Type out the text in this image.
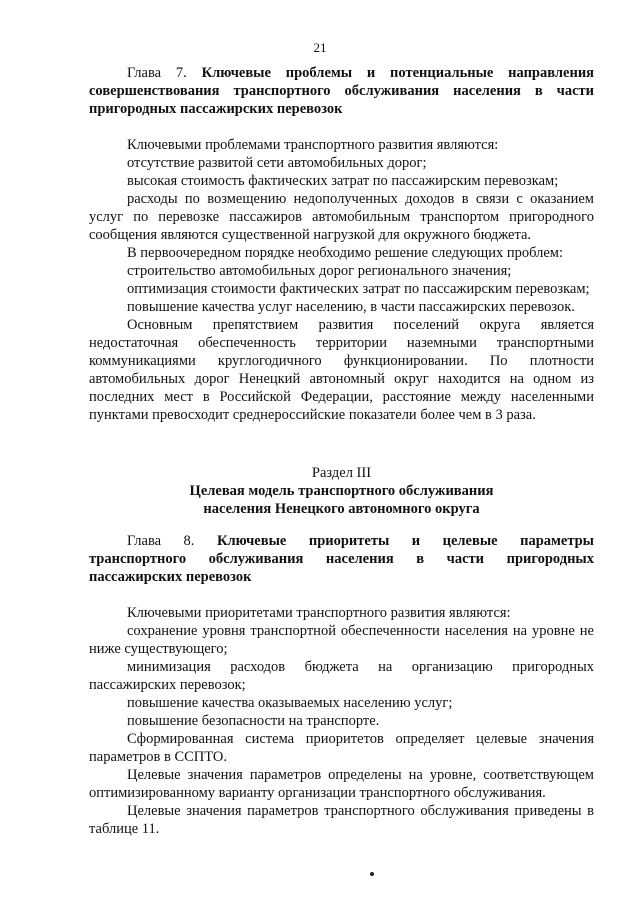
21

Глава 7. Ключевые проблемы и потенциальные направления

совершенствования транспортного обслуживания населения в части

пригородных пассажирских перевозок

Ключевыми проблемами транспортного развития являются:

отсутствие развитой сети автомобильных дорог;

высокая стоимость фактических затрат по пассажирским перевозкам;

расходы по возмещению недополученных доходов в связи с оказанием услуг по перевозке пассажиров автомобильным транспортом пригородного сообщения являются существенной нагрузкой для окружного бюджета.

В первоочередном порядке необходимо решение следующих проблем:

строительство автомобильных дорог регионального значения;

оптимизация стоимости фактических затрат по пассажирским перевозкам;

повышение качества услуг населению, в части пассажирских перевозок.

Основным препятствием развития поселений округа является недостаточная обеспеченность территории наземными транспортными коммуникациями круглогодичного функционировании. По плотности автомобильных дорог Ненецкий автономный округ находится на одном из последних мест в Российской Федерации, расстояние между населенными пунктами превосходит среднероссийские показатели более чем в 3 раза.

Раздел III

Целевая модель транспортного обслуживания

населения Ненецкого автономного округа

Глава 8. Ключевые приоритеты и целевые параметры

транспортного обслуживания населения в части пригородных

пассажирских перевозок

Ключевыми приоритетами транспортного развития являются:

сохранение уровня транспортной обеспеченности населения на уровне не ниже существующего;

минимизация расходов бюджета на организацию пригородных пассажирских перевозок;

повышение качества оказываемых населению услуг;

повышение безопасности на транспорте.

Сформированная система приоритетов определяет целевые значения параметров в ССПТО.

Целевые значения параметров определены на уровне, соответствующем оптимизированному варианту организации транспортного обслуживания.

Целевые значения параметров транспортного обслуживания приведены в таблице 11.
